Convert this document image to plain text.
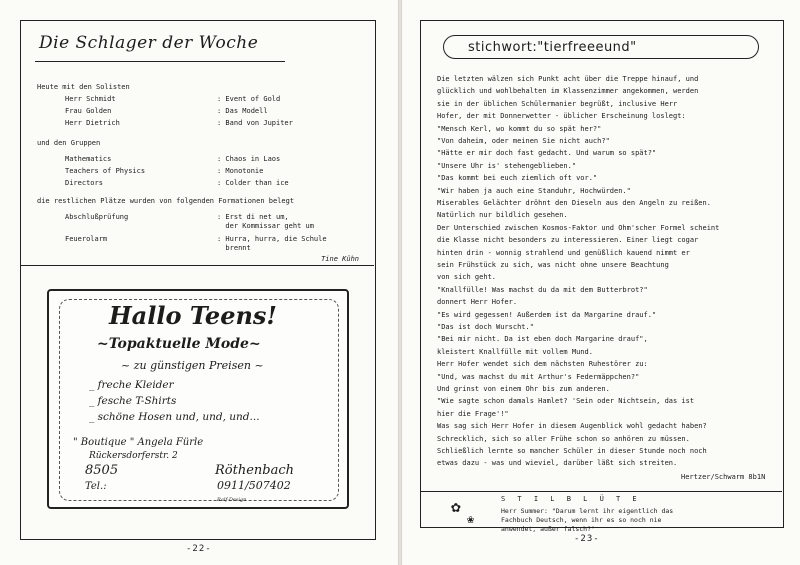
Die Schlager der Woche
Heute mit den Solisten
Herr Schmidt	: Event of Gold
Frau Golden	: Das Modell
Herr Dietrich	: Band von Jupiter
und den Gruppen
Mathematics	: Chaos in Laos
Teachers of Physics	: Monotonie
Directors	: Colder than ice
die restlichen Plätze wurden von folgenden Formationen belegt
Abschlußprüfung	: Erst di net um,
der Kommissar geht um
Feuerolarm	: Hurra, hurra, die Schule
brennt
Tine Kühn
Hallo Teens!
~Topaktuelle Mode~
~ zu günstigen Preisen ~
_ freche Kleider
_ fesche T-Shirts
_ schöne Hosen und, und, und...
" Boutique " Angela Fürle
Rückersdorferstr. 2
8505	Röthenbach
Tel.:	0911/507402
Ralf-Design
-22-
stichwort:"tierfreeeund"
Die letzten wälzen sich Punkt acht über die Treppe hinauf, und
glücklich und wohlbehalten im Klassenzimmer angekommen, werden
sie in der üblichen Schülermanier begrüßt, inclusive Herr
Hofer, der mit Donnerwetter - üblicher Erscheinung loslegt:
"Mensch Kerl, wo kommt du so spät her?"
"Von daheim, oder meinen Sie nicht auch?"
"Hätte er mir doch fast gedacht. Und warum so spät?"
"Unsere Uhr is' stehengeblieben."
"Das kommt bei euch ziemlich oft vor."
"Wir haben ja auch eine Standuhr, Hochwürden."
Miserables Gelächter dröhnt den Dieseln aus den Angeln zu reißen.
Natürlich nur bildlich gesehen.
Der Unterschied zwischen Kosmos-Faktor und Ohm'scher Formel scheint
die Klasse nicht besonders zu interessieren. Einer liegt cogar
hinten drin - wonnig strahlend und genüßlich kauend nimmt er
sein Frühstück zu sich, was nicht ohne unsere Beachtung
von sich geht.
"Knallfülle! Was machst du da mit dem Butterbrot?"
donnert Herr Hofer.
"Es wird gegessen! Außerdem ist da Margarine drauf."
"Das ist doch Wurscht."
"Bei mir nicht. Da ist eben doch Margarine drauf",
kleistert Knallfülle mit vollem Mund.
Herr Hofer wendet sich dem nächsten Ruhestörer zu:
"Und, was machst du mit Arthur's Federmäppchen?"
Und grinst von einem Ohr bis zum anderen.
"Wie sagte schon damals Hamlet? 'Sein oder Nichtsein, das ist
hier die Frage'!"
Was sag sich Herr Hofer in diesem Augenblick wohl gedacht haben?
Schrecklich, sich so aller Frühe schon so anhören zu müssen.
Schließlich lernte so mancher Schüler in dieser Stunde noch noch
etwas dazu - was und wieviel, darüber läßt sich streiten.
Hertzer/Schwarm 8b1N
S T I L B L Ü T E
✿
❀
Herr Summer: "Darum lernt ihr eigentlich das
Fachbuch Deutsch, wenn ihr es so noch nie
anwendet, außer falsch?"
-23-
